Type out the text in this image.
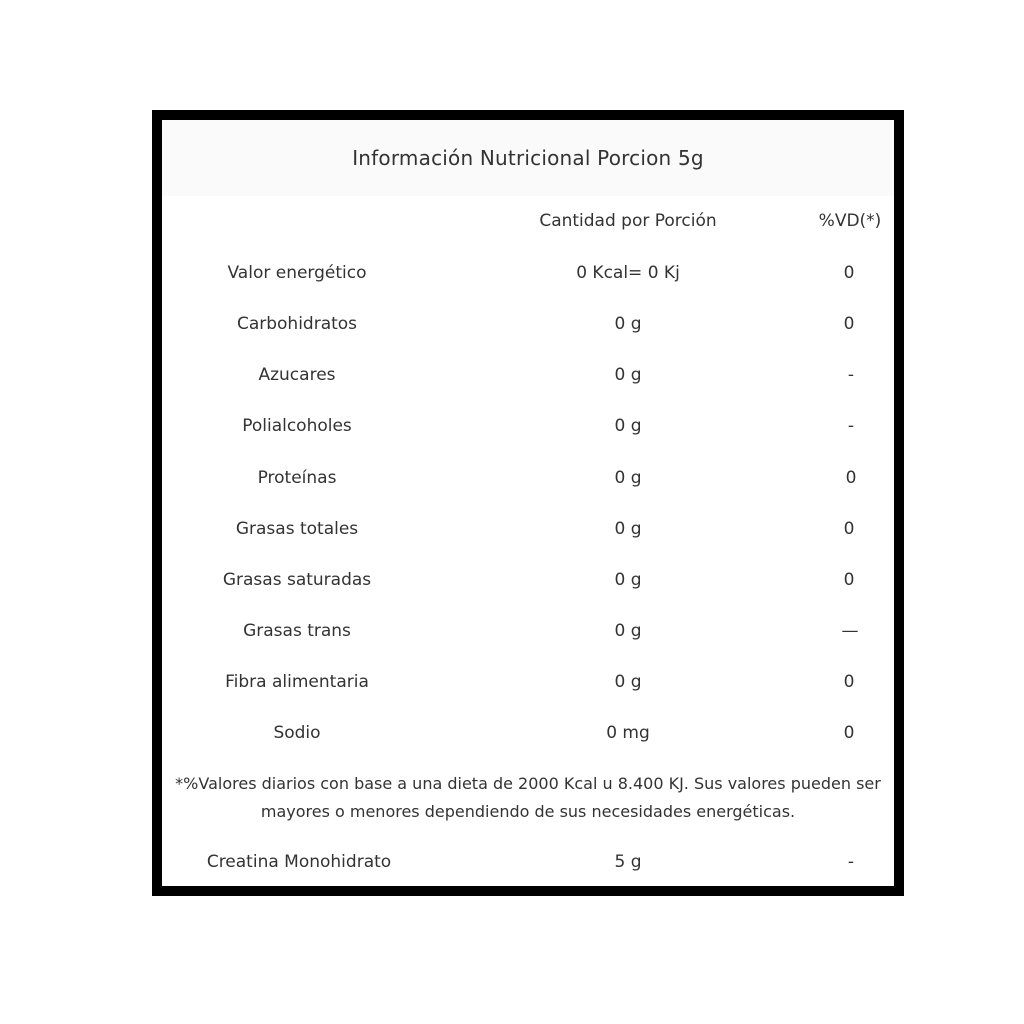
Información Nutricional Porcion 5g
Cantidad por Porción	%VD(*)
Valor energético	0 Kcal= 0 Kj	0
Carbohidratos	0 g	0
Azucares	0 g	-
Polialcoholes	0 g	-
Proteínas	0 g	0
Grasas totales	0 g	0
Grasas saturadas	0 g	0
Grasas trans	0 g	—
Fibra alimentaria	0 g	0
Sodio	0 mg	0
*%Valores diarios con base a una dieta de 2000 Kcal u 8.400 KJ. Sus valores pueden ser
mayores o menores dependiendo de sus necesidades energéticas.
Creatina Monohidrato	5 g	-
